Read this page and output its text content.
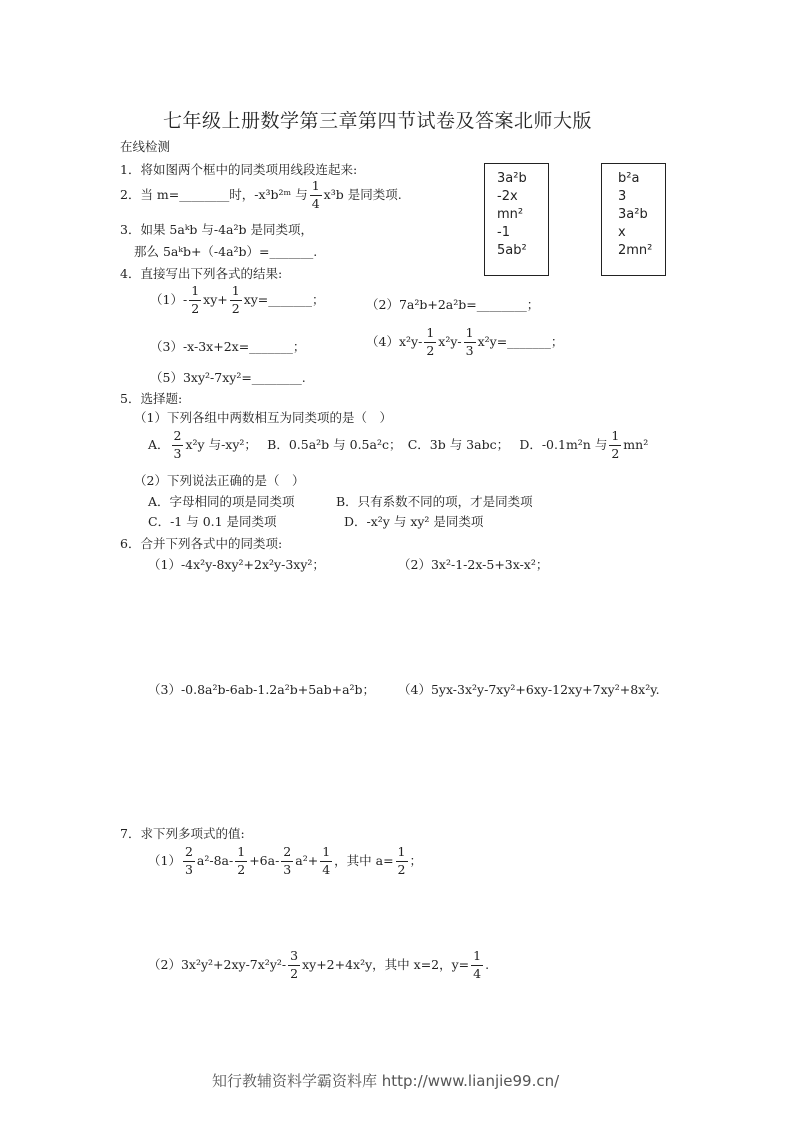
七年级上册数学第三章第四节试卷及答案北师大版
在线检测
1．将如图两个框中的同类项用线段连起来:
3a²b
-2x
mn²
-1
5ab²
b²a
3
3a²b
x
2mn²
2．当 m=________时，-x³b²ᵐ 与 $\frac{1}{4} x^3b$ 是同类项.
3．如果 5aᵏb 与-4a²b 是同类项，
那么 5aᵏb+（-4a²b）=_______.
4．直接写出下列各式的结果:
$(1)- \frac{1}{2} xy+ \frac{1}{2}$ xy=_______；	（2）7a²b+2a²b=________；
（3）-x-3x+2x=_______；	$(4)x^2y- \frac{1}{2} x^2y- \frac{1}{3}$ x²y=_______；
（5）3xy²-7xy²=________.
5．选择题:
（1）下列各组中两数相互为同类项的是（　）
A． $\frac{2}{3} x^2y$ 与-xy²；　 B．0.5a²b 与 0.5a²c；　C．3b 与 3abc；　 D．-0.1m²n 与 $\frac{1}{2} mn^2$
（2）下列说法正确的是（　）
A．字母相同的项是同类项	B．只有系数不同的项，才是同类项
C．-1 与 0.1 是同类项	D．-x²y 与 xy² 是同类项
6．合并下列各式中的同类项:
（1）-4x²y-8xy²+2x²y-3xy²；	（2）3x²-1-2x-5+3x-x²；
（3）-0.8a²b-6ab-1.2a²b+5ab+a²b； （4）5yx-3x²y-7xy²+6xy-12xy+7xy²+8x²y.
7．求下列多项式的值:
$(1) \frac{2}{3} a^2-8a- \frac{1}{2} +6a- \frac{2}{3} a^2+ \frac{1}{4}$ ，其中 $a= \frac{1}{2}$ ；
$(2)3x^2y^2+2xy-7x^2y^2- \frac{3}{2} xy+2+4x^2y$，其中 x=2，$y= \frac{1}{4}$ .
知行教辅资料学霸资料库 http://www.lianjie99.cn/
